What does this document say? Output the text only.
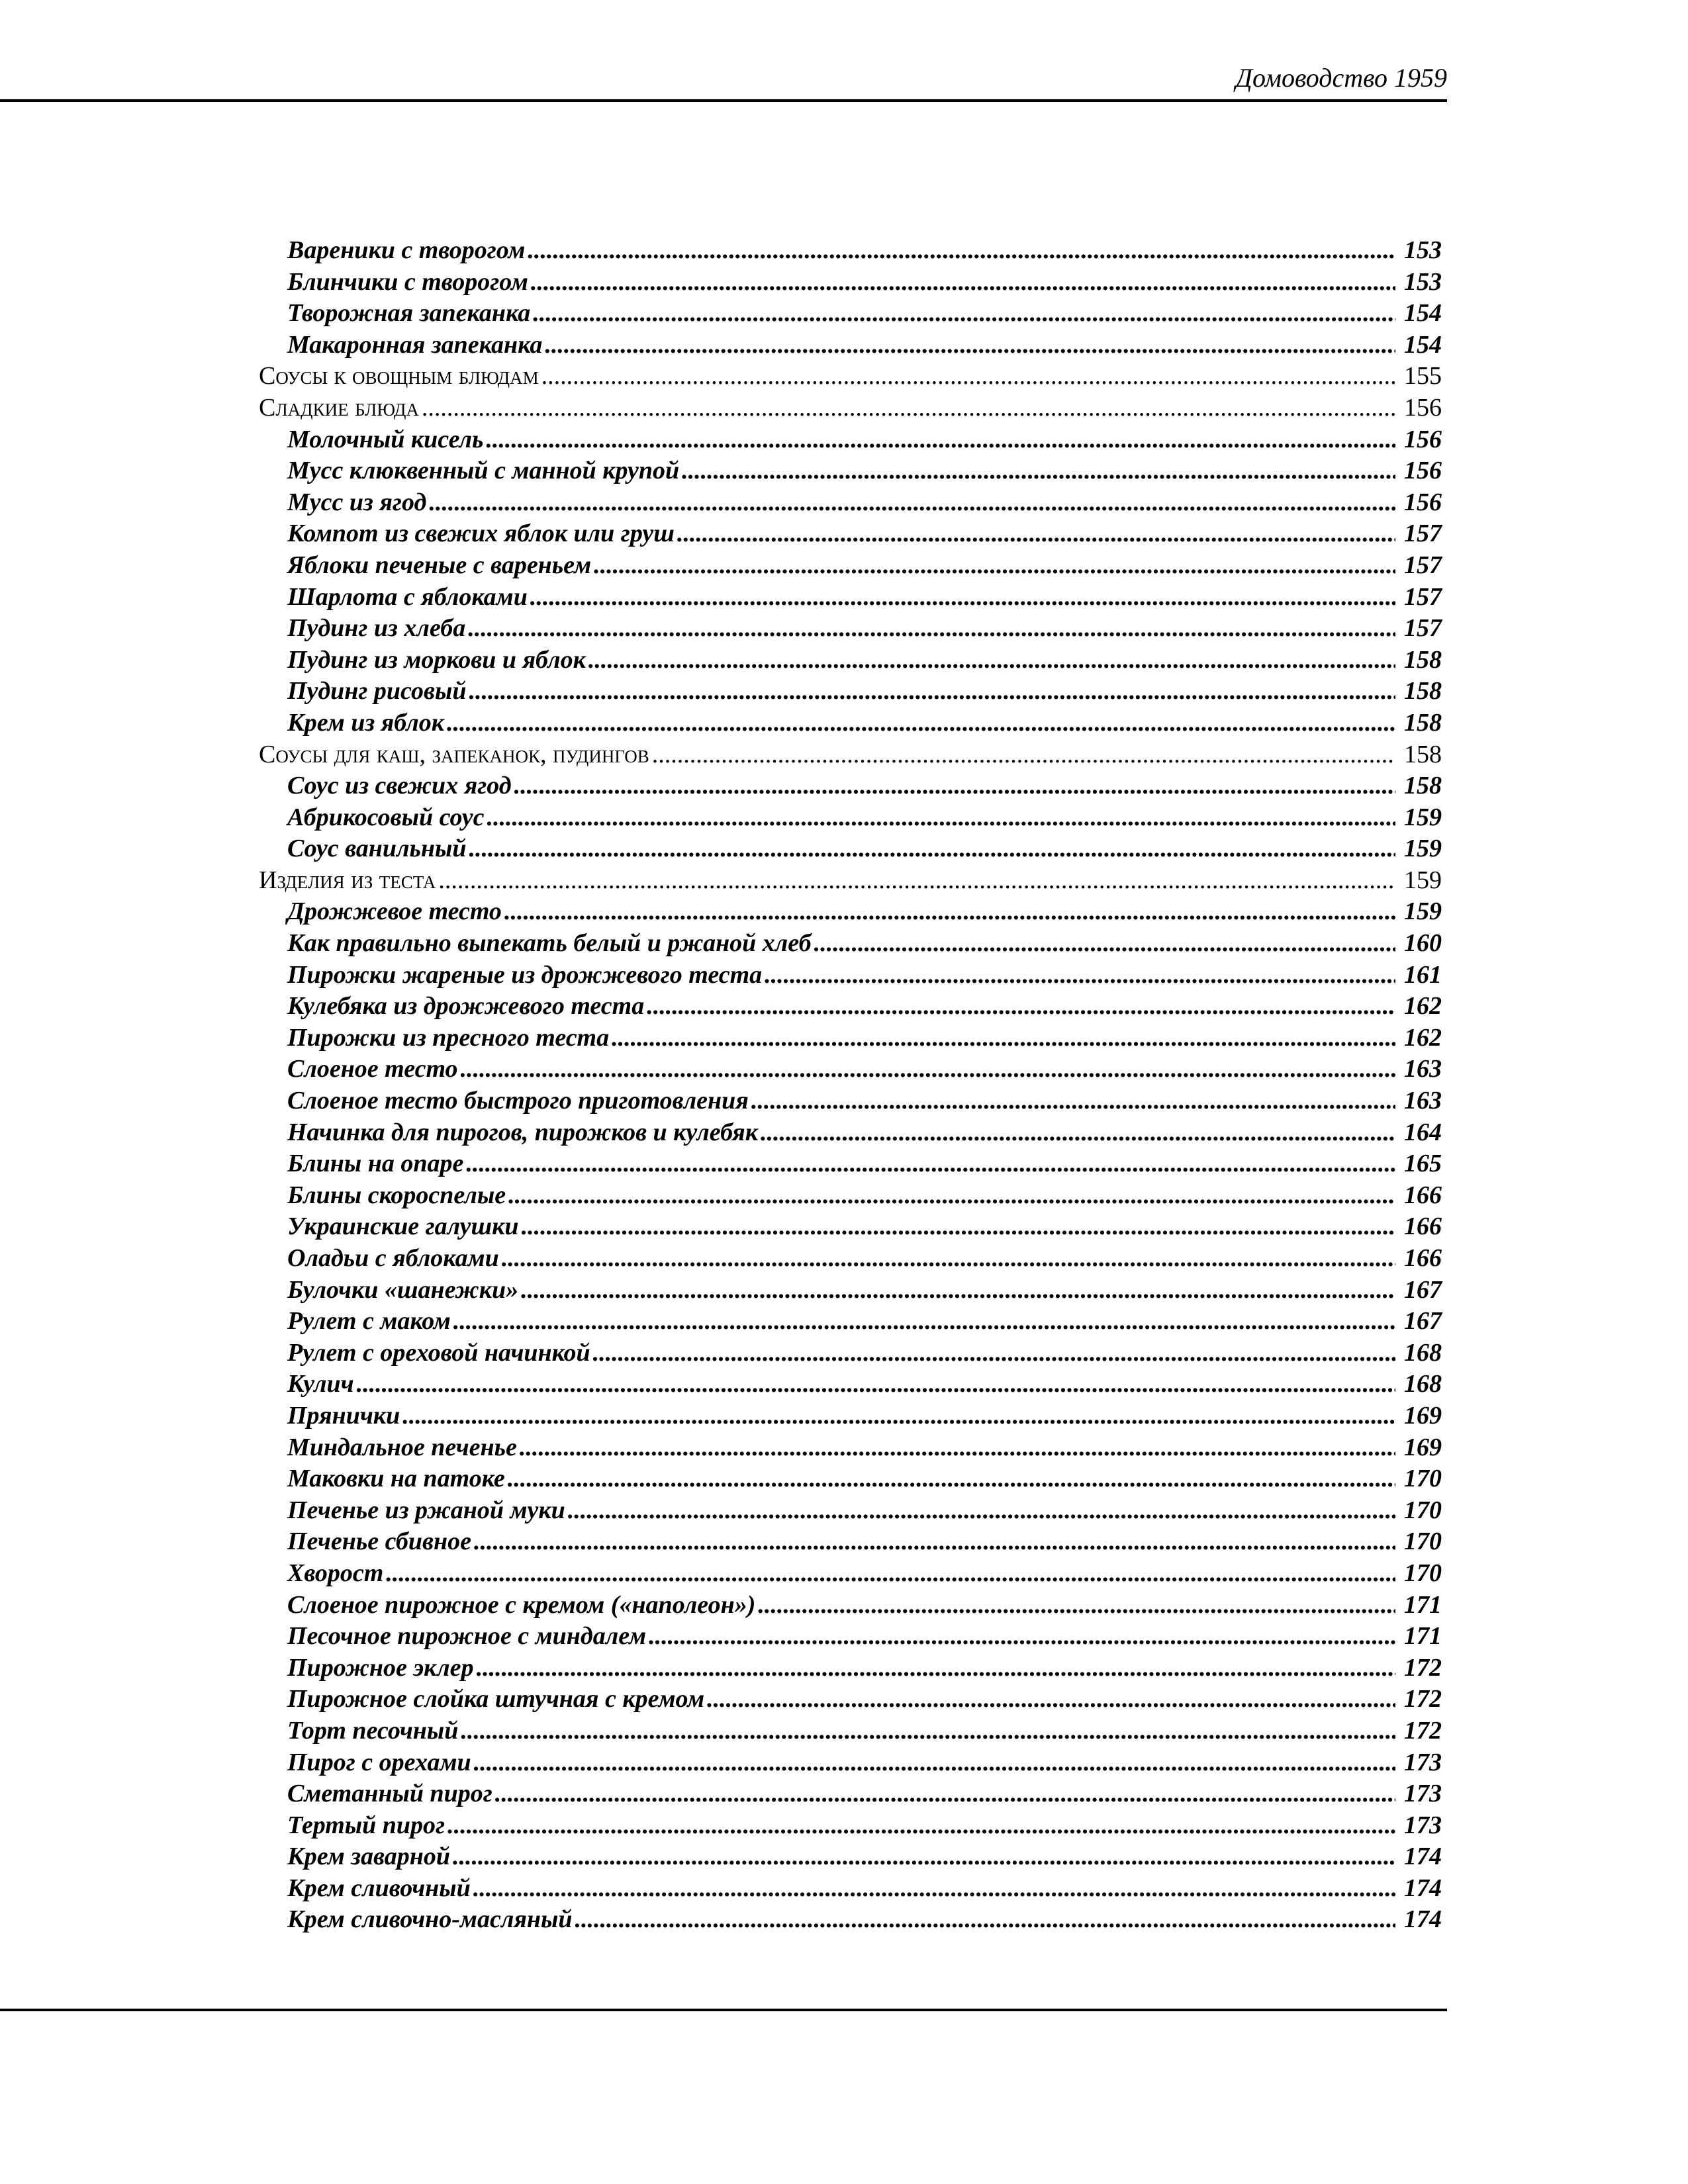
Домоводство 1959
Вареники с творогом .....	153
Блинчики с творогом .....	153
Творожная запеканка .....	154
Макаронная запеканка .....	154
Соусы к овощным блюдам .....	155
Сладкие блюда .....	156
Молочный кисель .....	156
Мусс клюквенный с манной крупой .....	156
Мусс из ягод .....	156
Компот из свежих яблок или груш .....	157
Яблоки печеные с вареньем .....	157
Шарлота с яблоками .....	157
Пудинг из хлеба .....	157
Пудинг из моркови и яблок .....	158
Пудинг рисовый .....	158
Крем из яблок .....	158
Соусы для каш, запеканок, пудингов .....	158
Соус из свежих ягод .....	158
Абрикосовый соус .....	159
Соус ванильный .....	159
Изделия из теста .....	159
Дрожжевое тесто .....	159
Как правильно выпекать белый и ржаной хлеб .....	160
Пирожки жареные из дрожжевого теста .....	161
Кулебяка из дрожжевого теста .....	162
Пирожки из пресного теста .....	162
Слоеное тесто .....	163
Слоеное тесто быстрого приготовления .....	163
Начинка для пирогов, пирожков и кулебяк .....	164
Блины на опаре .....	165
Блины скороспелые .....	166
Украинские галушки .....	166
Оладьи с яблоками .....	166
Булочки «шанежки» .....	167
Рулет с маком .....	167
Рулет с ореховой начинкой .....	168
Кулич .....	168
Прянички .....	169
Миндальное печенье .....	169
Маковки на патоке .....	170
Печенье из ржаной муки .....	170
Печенье сбивное .....	170
Хворост .....	170
Слоеное пирожное с кремом («наполеон») .....	171
Песочное пирожное с миндалем .....	171
Пирожное эклер .....	172
Пирожное слойка штучная с кремом .....	172
Торт песочный .....	172
Пирог с орехами .....	173
Сметанный пирог .....	173
Тертый пирог .....	173
Крем заварной .....	174
Крем сливочный .....	174
Крем сливочно-масляный .....	174
